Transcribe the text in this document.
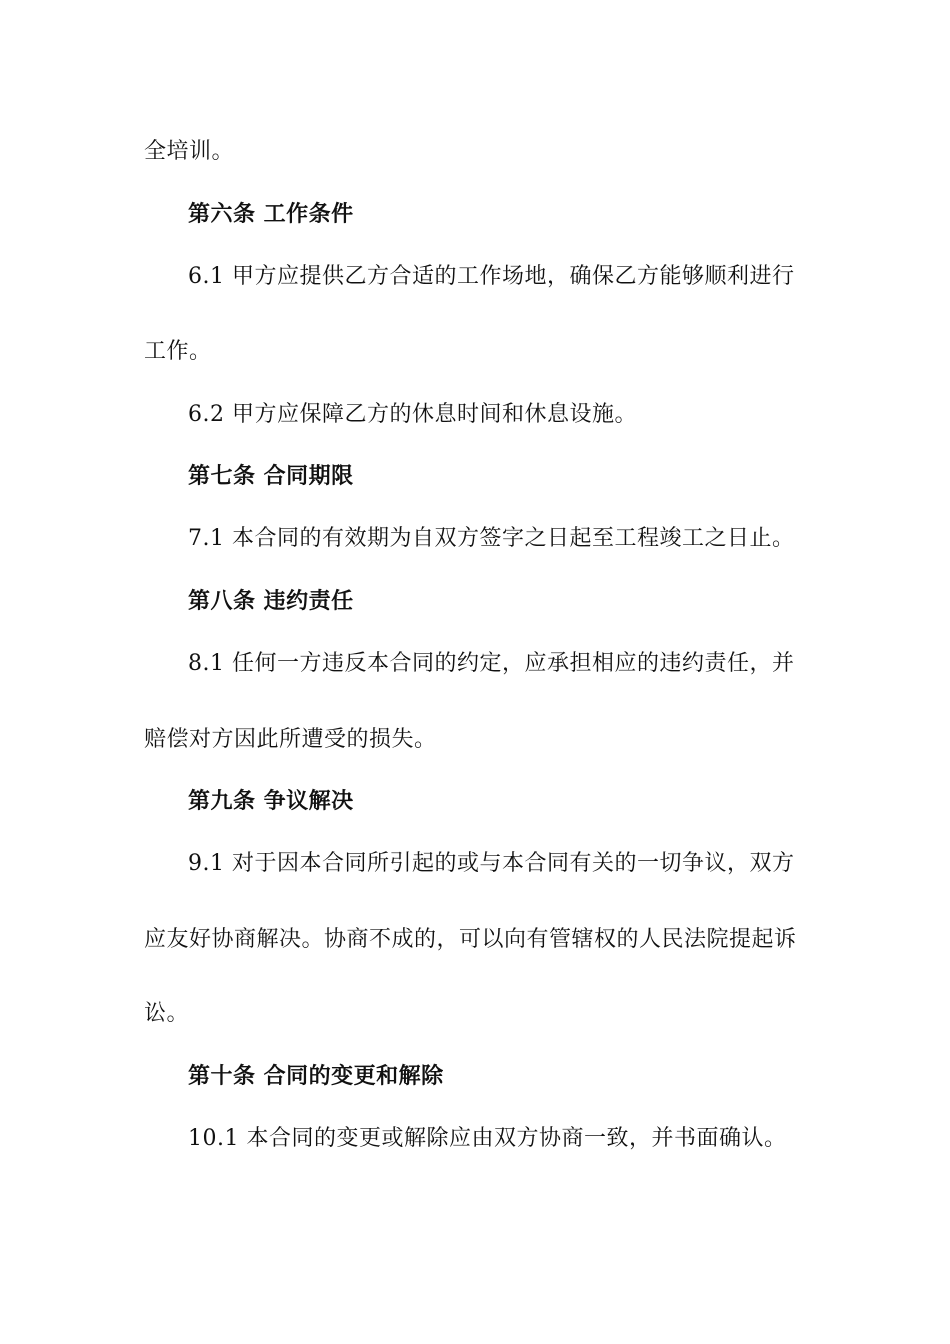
全培训。
第六条 工作条件
6.1 甲方应提供乙方合适的工作场地，确保乙方能够顺利进行
工作。
6.2 甲方应保障乙方的休息时间和休息设施。
第七条 合同期限
7.1 本合同的有效期为自双方签字之日起至工程竣工之日止。
第八条 违约责任
8.1 任何一方违反本合同的约定，应承担相应的违约责任，并
赔偿对方因此所遭受的损失。
第九条 争议解决
9.1 对于因本合同所引起的或与本合同有关的一切争议，双方
应友好协商解决。协商不成的，可以向有管辖权的人民法院提起诉
讼。
第十条 合同的变更和解除
10.1 本合同的变更或解除应由双方协商一致，并书面确认。
